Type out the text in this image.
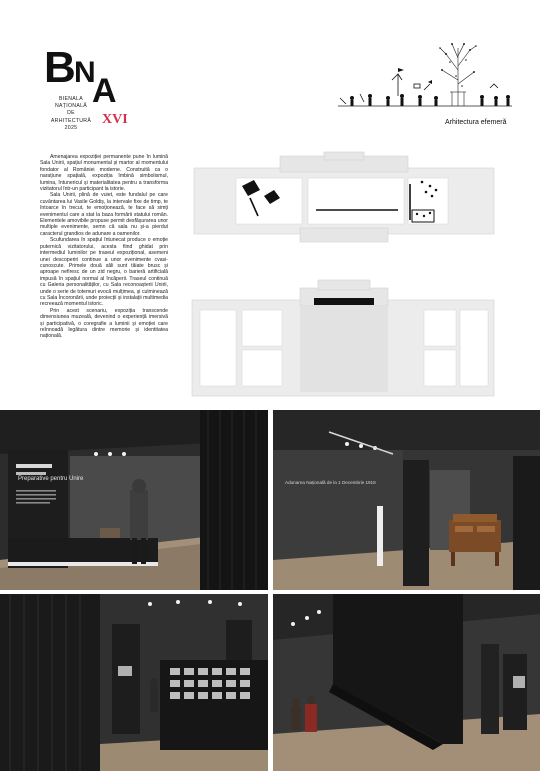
B
N
A
BIENALA
NAȚIONALĂ
DE
ARHITECTURĂ
2025
XVI	Arhitectura efemeră

Amenajarea expoziției permanente pune în lumină Sala Unirii, spațiul monumental și martor al momentului fondator al României moderne. Construită ca o narațiune spațială, expoziția îmbină simbolismul, lumina, întunericul și materialitatea pentru a transforma vizitatorul într-un participant la istorie.

Sala Unirii, plină de vuiet, este fundalul pe care cuvântarea lui Vasile Goldiș, la intervale fixe de timp, te întoarce în trecut, te emoționează, te face să simți evenimentul care a stat la baza formării statului român. Elementele amovibile propuse permit desfășurarea unor multiple evenimente, semn că sala nu și-a pierdut caracterul grandios de adunare a oamenilor.

Scufundarea în spațiul întunecat produce o emoție puternică vizitatorului, acesta fiind ghidat prin intermediul luminilor pe traseul expozițional, asemeni unei descoperiri continue a unor evenimente cvasi-cunoscute. Primele două săli sunt tăiate brusc și aproape nefiresc de un zid negru, o barieră artificială impusă în spațiul normal al încăperii. Traseul continuă cu Galeria personalităților, cu Sala reconoașterii Unirii, unde o serie de totemuri evocă mulțimea, și culminează cu Sala Încoronării, unde proiecții și instalații multimedia recreează momentul istoric.

Prin acest scenariu, expoziția transcende dimensiunea muzeală, devenind o experiență imersivă și participativă, o coregrafie a luminii și emoției care reînnoadă legătura dintre memorie și identitatea națională.

Preparative pentru Unire
Adunarea Națională de la 1 Decembrie 1918
